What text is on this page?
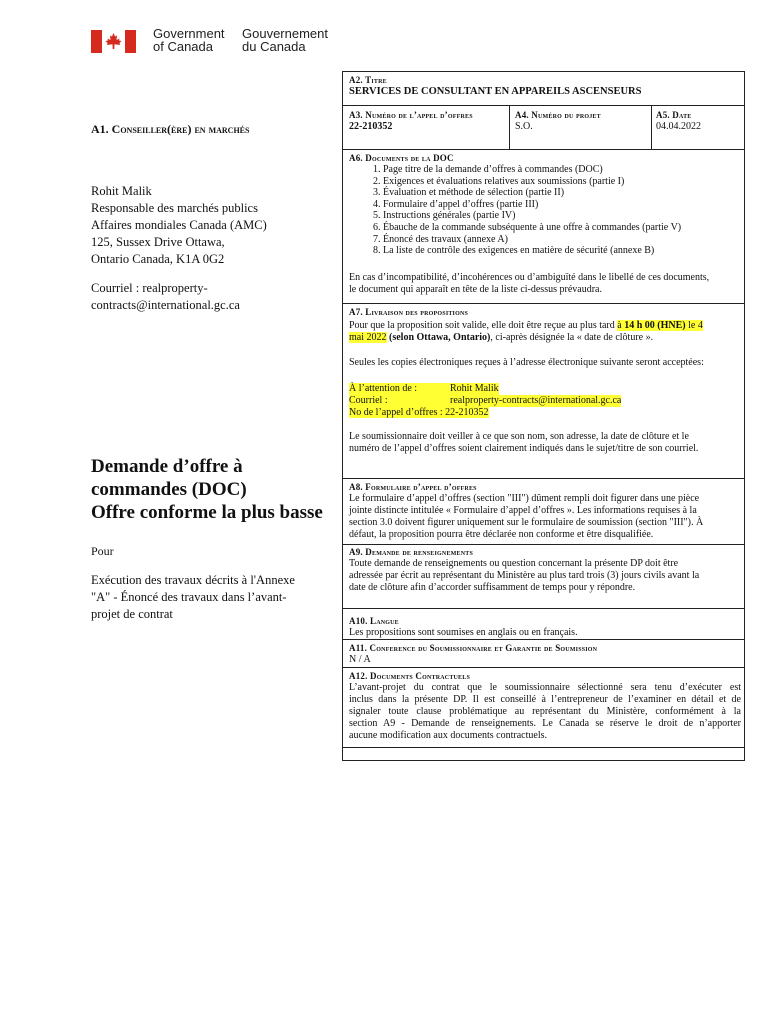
Government
of Canada
Gouvernement
du Canada
A1. Conseiller(ère) en marchés
Rohit Malik
Responsable des marchés publics
Affaires mondiales Canada (AMC)
125, Sussex Drive Ottawa,
Ontario Canada, K1A 0G2
Courriel : realproperty-
contracts@international.gc.ca
Demande d’offre à
commandes (DOC)
Offre conforme la plus basse
Pour
Exécution des travaux décrits à l'Annexe
"A" - Énoncé des travaux dans l’avant-
projet de contrat
A2. Titre
SERVICES DE CONSULTANT EN APPAREILS ASCENSEURS
A3. Numéro de l’appel d’offres
22-210352
A4. Numéro du projet
S.O.
A5. Date
04.04.2022
A6. Documents de la DOC
1. Page titre de la demande d’offres à commandes (DOC)
2. Exigences et évaluations relatives aux soumissions (partie I)
3. Évaluation et méthode de sélection (partie II)
4. Formulaire d’appel d’offres (partie III)
5. Instructions générales (partie IV)
6. Ébauche de la commande subséquente à une offre à commandes (partie V)
7. Énoncé des travaux (annexe A)
8. La liste de contrôle des exigences en matière de sécurité (annexe B)
En cas d’incompatibilité, d’incohérences ou d’ambiguïté dans le libellé de ces documents,
le document qui apparaît en tête de la liste ci-dessus prévaudra.
A7. Livraison des propositions
Pour que la proposition soit valide, elle doit être reçue au plus tard à 14 h 00 (HNE) le 4
mai 2022 (selon Ottawa, Ontario), ci-après désignée la « date de clôture ».
Seules les copies électroniques reçues à l’adresse électronique suivante seront acceptées:
À l’attention de :	Rohit Malik
Courriel :	realproperty-contracts@international.gc.ca
No de l’appel d’offres : 22-210352
Le soumissionnaire doit veiller à ce que son nom, son adresse, la date de clôture et le
numéro de l’appel d’offres soient clairement indiqués dans le sujet/titre de son courriel.
A8. Formulaire d’appel d’offres
Le formulaire d’appel d’offres (section "III") dûment rempli doit figurer dans une pièce
jointe distincte intitulée « Formulaire d’appel d’offres ». Les informations requises à la
section 3.0 doivent figurer uniquement sur le formulaire de soumission (section "III"). À
défaut, la proposition pourra être déclarée non conforme et être disqualifiée.
A9. Demande de renseignements
Toute demande de renseignements ou question concernant la présente DP doit être
adressée par écrit au représentant du Ministère au plus tard trois (3) jours civils avant la
date de clôture afin d’accorder suffisamment de temps pour y répondre.
A10. Langue
Les propositions sont soumises en anglais ou en français.
A11. Conference du Soumissionnaire et Garantie de Soumission
N / A
A12. Documents Contractuels
L’avant-projet du contrat que le soumissionnaire sélectionné sera tenu d’exécuter est
inclus dans la présente DP. Il est conseillé à l’entrepreneur de l’examiner en détail et de
signaler toute clause problématique au représentant du Ministère, conformément à la
section A9 - Demande de renseignements. Le Canada se réserve le droit de n’apporter
aucune modification aux documents contractuels.
